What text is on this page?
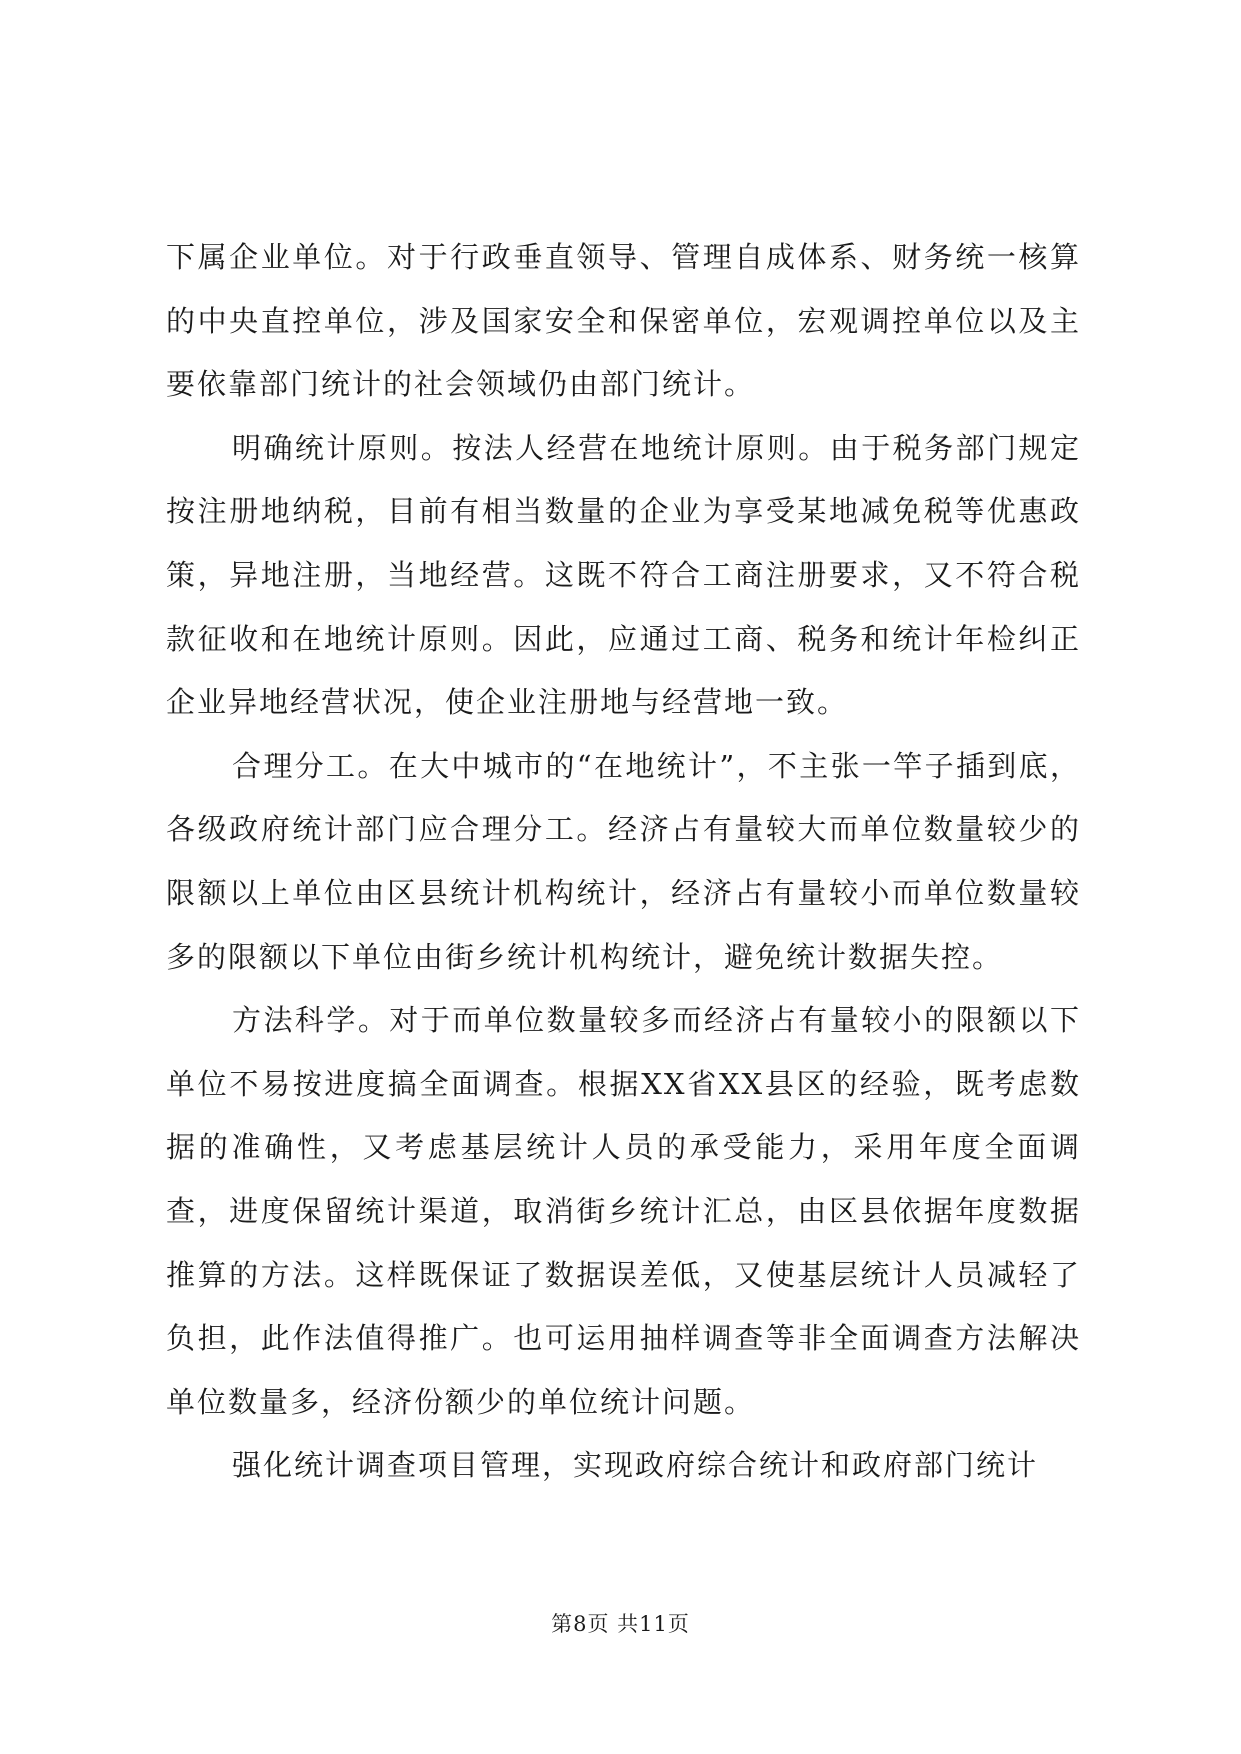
下属企业单位。对于行政垂直领导、管理自成体系、财务统一核算的中央直控单位，涉及国家安全和保密单位，宏观调控单位以及主要依靠部门统计的社会领域仍由部门统计。

明确统计原则。按法人经营在地统计原则。由于税务部门规定按注册地纳税，目前有相当数量的企业为享受某地减免税等优惠政策，异地注册，当地经营。这既不符合工商注册要求，又不符合税款征收和在地统计原则。因此，应通过工商、税务和统计年检纠正企业异地经营状况，使企业注册地与经营地一致。

合理分工。在大中城市的“在地统计”，不主张一竿子插到底，各级政府统计部门应合理分工。经济占有量较大而单位数量较少的限额以上单位由区县统计机构统计，经济占有量较小而单位数量较多的限额以下单位由街乡统计机构统计，避免统计数据失控。

方法科学。对于而单位数量较多而经济占有量较小的限额以下单位不易按进度搞全面调查。根据XX省XX县区的经验，既考虑数据的准确性，又考虑基层统计人员的承受能力，采用年度全面调查，进度保留统计渠道，取消街乡统计汇总，由区县依据年度数据推算的方法。这样既保证了数据误差低，又使基层统计人员减轻了负担，此作法值得推广。也可运用抽样调查等非全面调查方法解决单位数量多，经济份额少的单位统计问题。

强化统计调查项目管理，实现政府综合统计和政府部门统计

第8页 共11页
